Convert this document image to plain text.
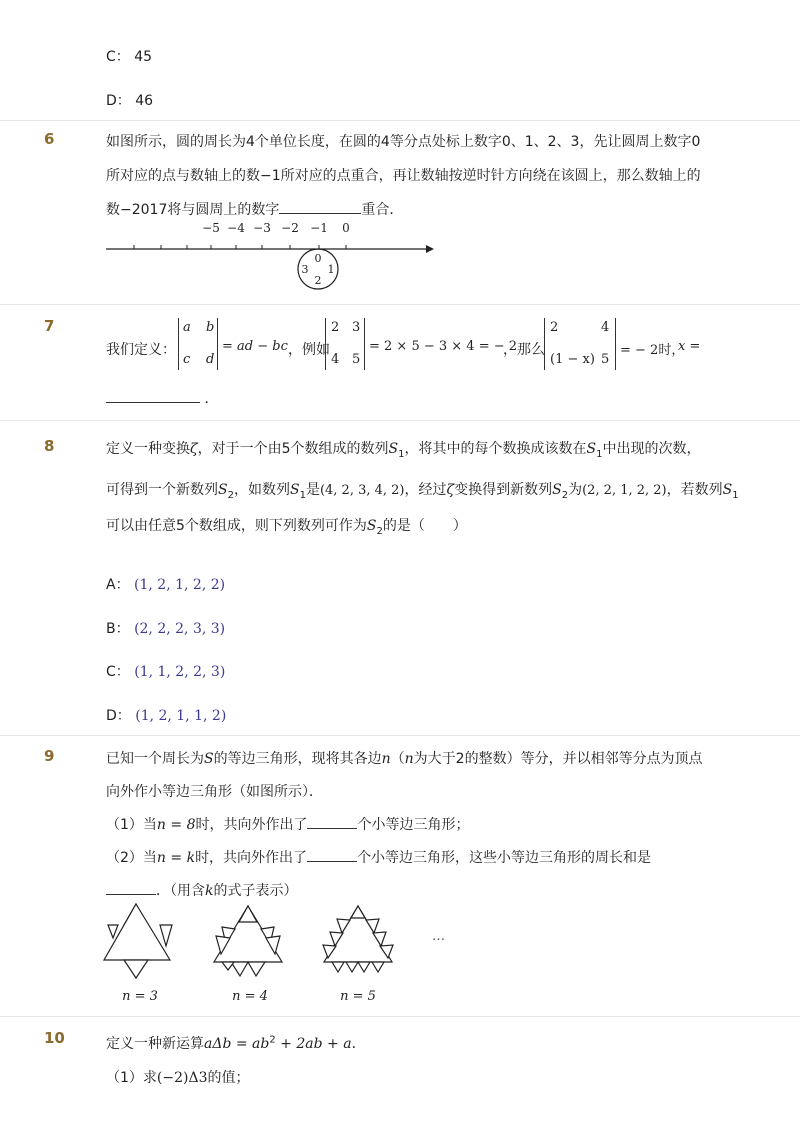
C： 45
D： 46
6	如图所示，圆的周长为4个单位长度，在圆的4等分点处标上数字0、1、2、3，先让圆周上数字0
所对应的点与数轴上的数−1所对应的点重合，再让数轴按逆时针方向绕在该圆上，那么数轴上的
数−2017将与圆周上的数字	重合．
−5 −4 −3 −2 −1 0
0
3 1
2
7
我们定义：
a b
c d
= ad − bc ，例如
2 3
4 5
= 2 × 5 − 3 × 4 = − 2
，那么
2	4
(1 − x) 5
= − 2时，
x =
．
8	定义一种变换ζ，对于一个由5个数组成的数列$S_1$，将其中的每个数换成该数在$S_1$中出现的次数，
可得到一个新数列$S_2$，如数列$S_1$是(4, 2, 3, 4, 2)，经过ζ变换得到新数列$S_2$为(2, 2, 1, 2, 2)，若数列$S_1$
可以由任意5个数组成，则下列数列可作为$S_2$的是（　　）
A： (1, 2, 1, 2, 2)
B： (2, 2, 2, 3, 3)
C： (1, 1, 2, 2, 3)
D： (1, 2, 1, 1, 2)
9	已知一个周长为S的等边三角形，现将其各边n（n为大于2的整数）等分，并以相邻等分点为顶点
向外作小等边三角形（如图所示）．
（1）当n = 8时，共向外作出了	个小等边三角形；
（2）当n = k时，共向外作出了	个小等边三角形，这些小等边三角形的周长和是
．（用含k的式子表示）
n = 3	n = 4	n = 5
…
10	定义一种新运算$a\Delta b = ab^2 + 2ab + a$．
（1）求(−2)Δ3的值；
